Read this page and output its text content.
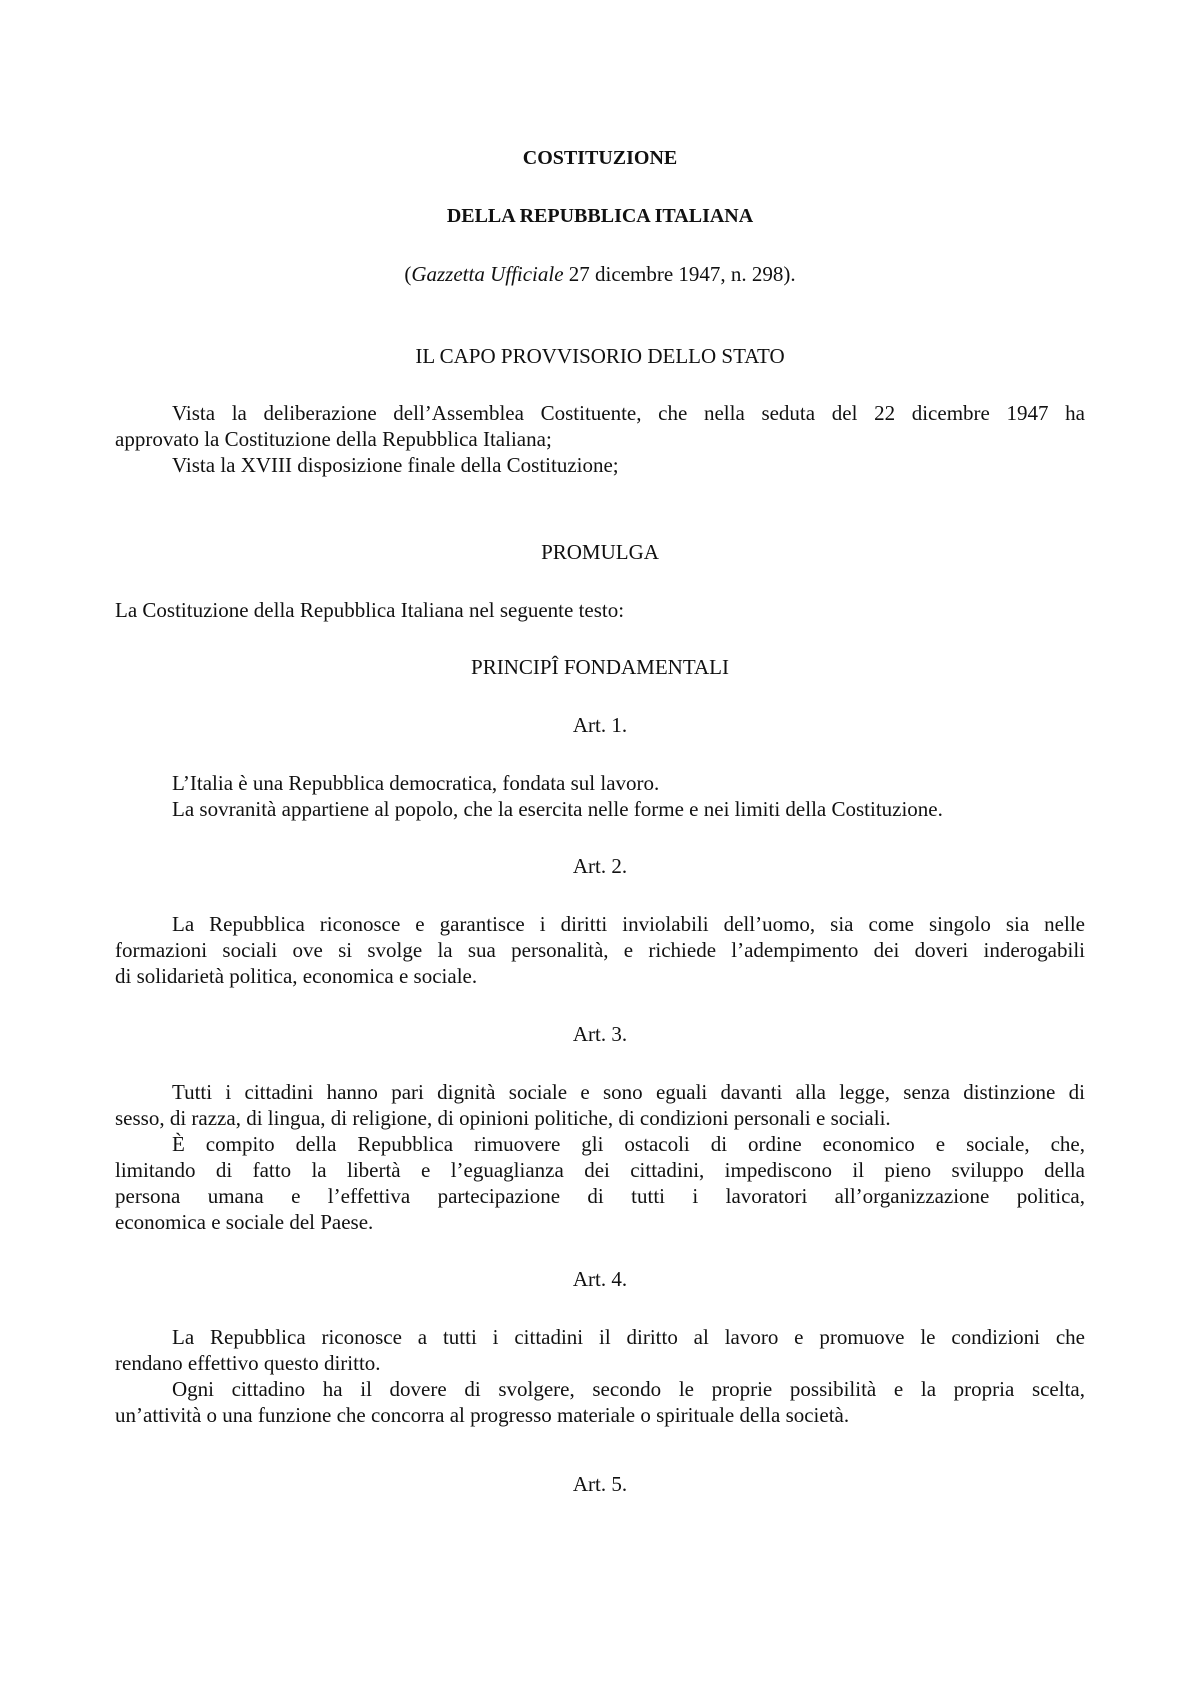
COSTITUZIONE

DELLA REPUBBLICA ITALIANA

(Gazzetta Ufficiale 27 dicembre 1947, n. 298).

IL CAPO PROVVISORIO DELLO STATO

Vista la deliberazione dell’Assemblea Costituente, che nella seduta del 22 dicembre 1947 ha

approvato la Costituzione della Repubblica Italiana;

Vista la XVIII disposizione finale della Costituzione;

PROMULGA

La Costituzione della Repubblica Italiana nel seguente testo:

PRINCIPÎ FONDAMENTALI

Art. 1.

L’Italia è una Repubblica democratica, fondata sul lavoro.

La sovranità appartiene al popolo, che la esercita nelle forme e nei limiti della Costituzione.

Art. 2.

La Repubblica riconosce e garantisce i diritti inviolabili dell’uomo, sia come singolo sia nelle

formazioni sociali ove si svolge la sua personalità, e richiede l’adempimento dei doveri inderogabili

di solidarietà politica, economica e sociale.

Art. 3.

Tutti i cittadini hanno pari dignità sociale e sono eguali davanti alla legge, senza distinzione di

sesso, di razza, di lingua, di religione, di opinioni politiche, di condizioni personali e sociali.

È compito della Repubblica rimuovere gli ostacoli di ordine economico e sociale, che,

limitando di fatto la libertà e l’eguaglianza dei cittadini, impediscono il pieno sviluppo della

persona umana e l’effettiva partecipazione di tutti i lavoratori all’organizzazione politica,

economica e sociale del Paese.

Art. 4.

La Repubblica riconosce a tutti i cittadini il diritto al lavoro e promuove le condizioni che

rendano effettivo questo diritto.

Ogni cittadino ha il dovere di svolgere, secondo le proprie possibilità e la propria scelta,

un’attività o una funzione che concorra al progresso materiale o spirituale della società.

Art. 5.
